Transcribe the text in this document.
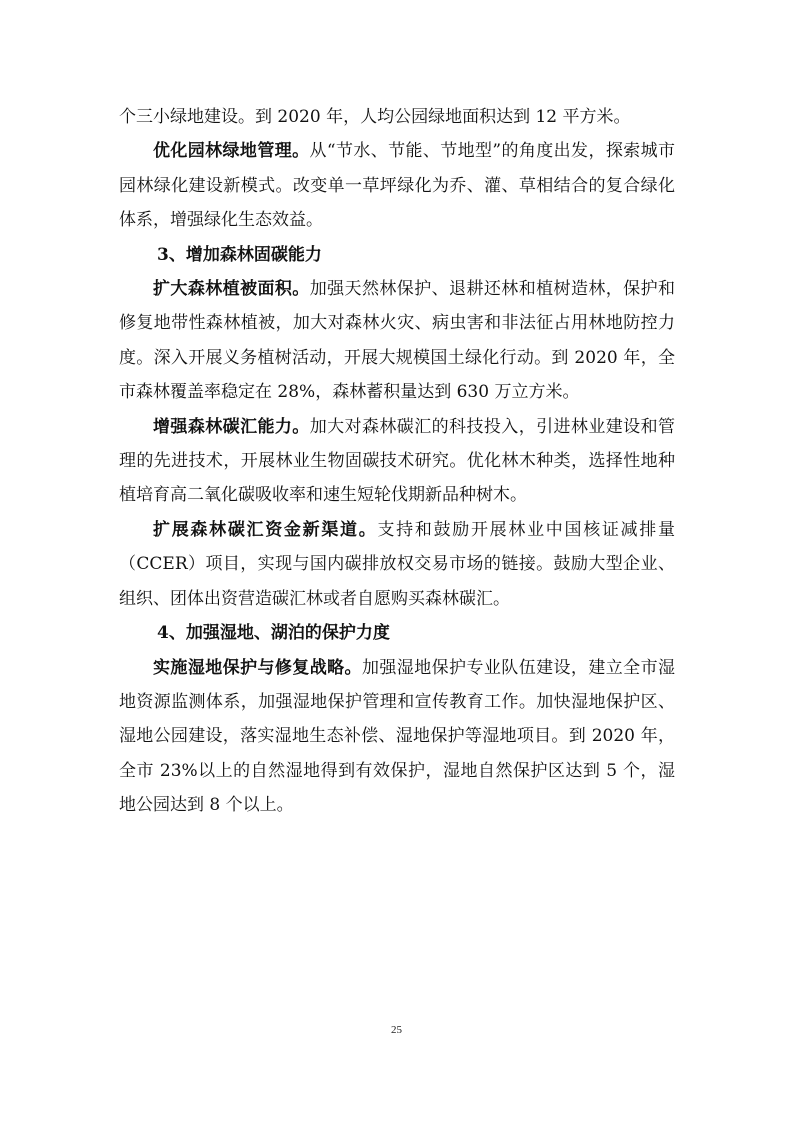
个三小绿地建设。到 2020 年，人均公园绿地面积达到 12 平方米。

优化园林绿地管理。从“节水、节能、节地型”的角度出发，探索城市园林绿化建设新模式。改变单一草坪绿化为乔、灌、草相结合的复合绿化体系，增强绿化生态效益。

3、增加森林固碳能力

扩大森林植被面积。加强天然林保护、退耕还林和植树造林，保护和修复地带性森林植被，加大对森林火灾、病虫害和非法征占用林地防控力度。深入开展义务植树活动，开展大规模国土绿化行动。到 2020 年，全市森林覆盖率稳定在 28%，森林蓄积量达到 630 万立方米。

增强森林碳汇能力。加大对森林碳汇的科技投入，引进林业建设和管理的先进技术，开展林业生物固碳技术研究。优化林木种类，选择性地种植培育高二氧化碳吸收率和速生短轮伐期新品种树木。

扩展森林碳汇资金新渠道。支持和鼓励开展林业中国核证减排量（CCER）项目，实现与国内碳排放权交易市场的链接。鼓励大型企业、组织、团体出资营造碳汇林或者自愿购买森林碳汇。

4、加强湿地、湖泊的保护力度

实施湿地保护与修复战略。加强湿地保护专业队伍建设，建立全市湿地资源监测体系，加强湿地保护管理和宣传教育工作。加快湿地保护区、湿地公园建设，落实湿地生态补偿、湿地保护等湿地项目。到 2020 年，全市 23%以上的自然湿地得到有效保护，湿地自然保护区达到 5 个，湿地公园达到 8 个以上。

25
